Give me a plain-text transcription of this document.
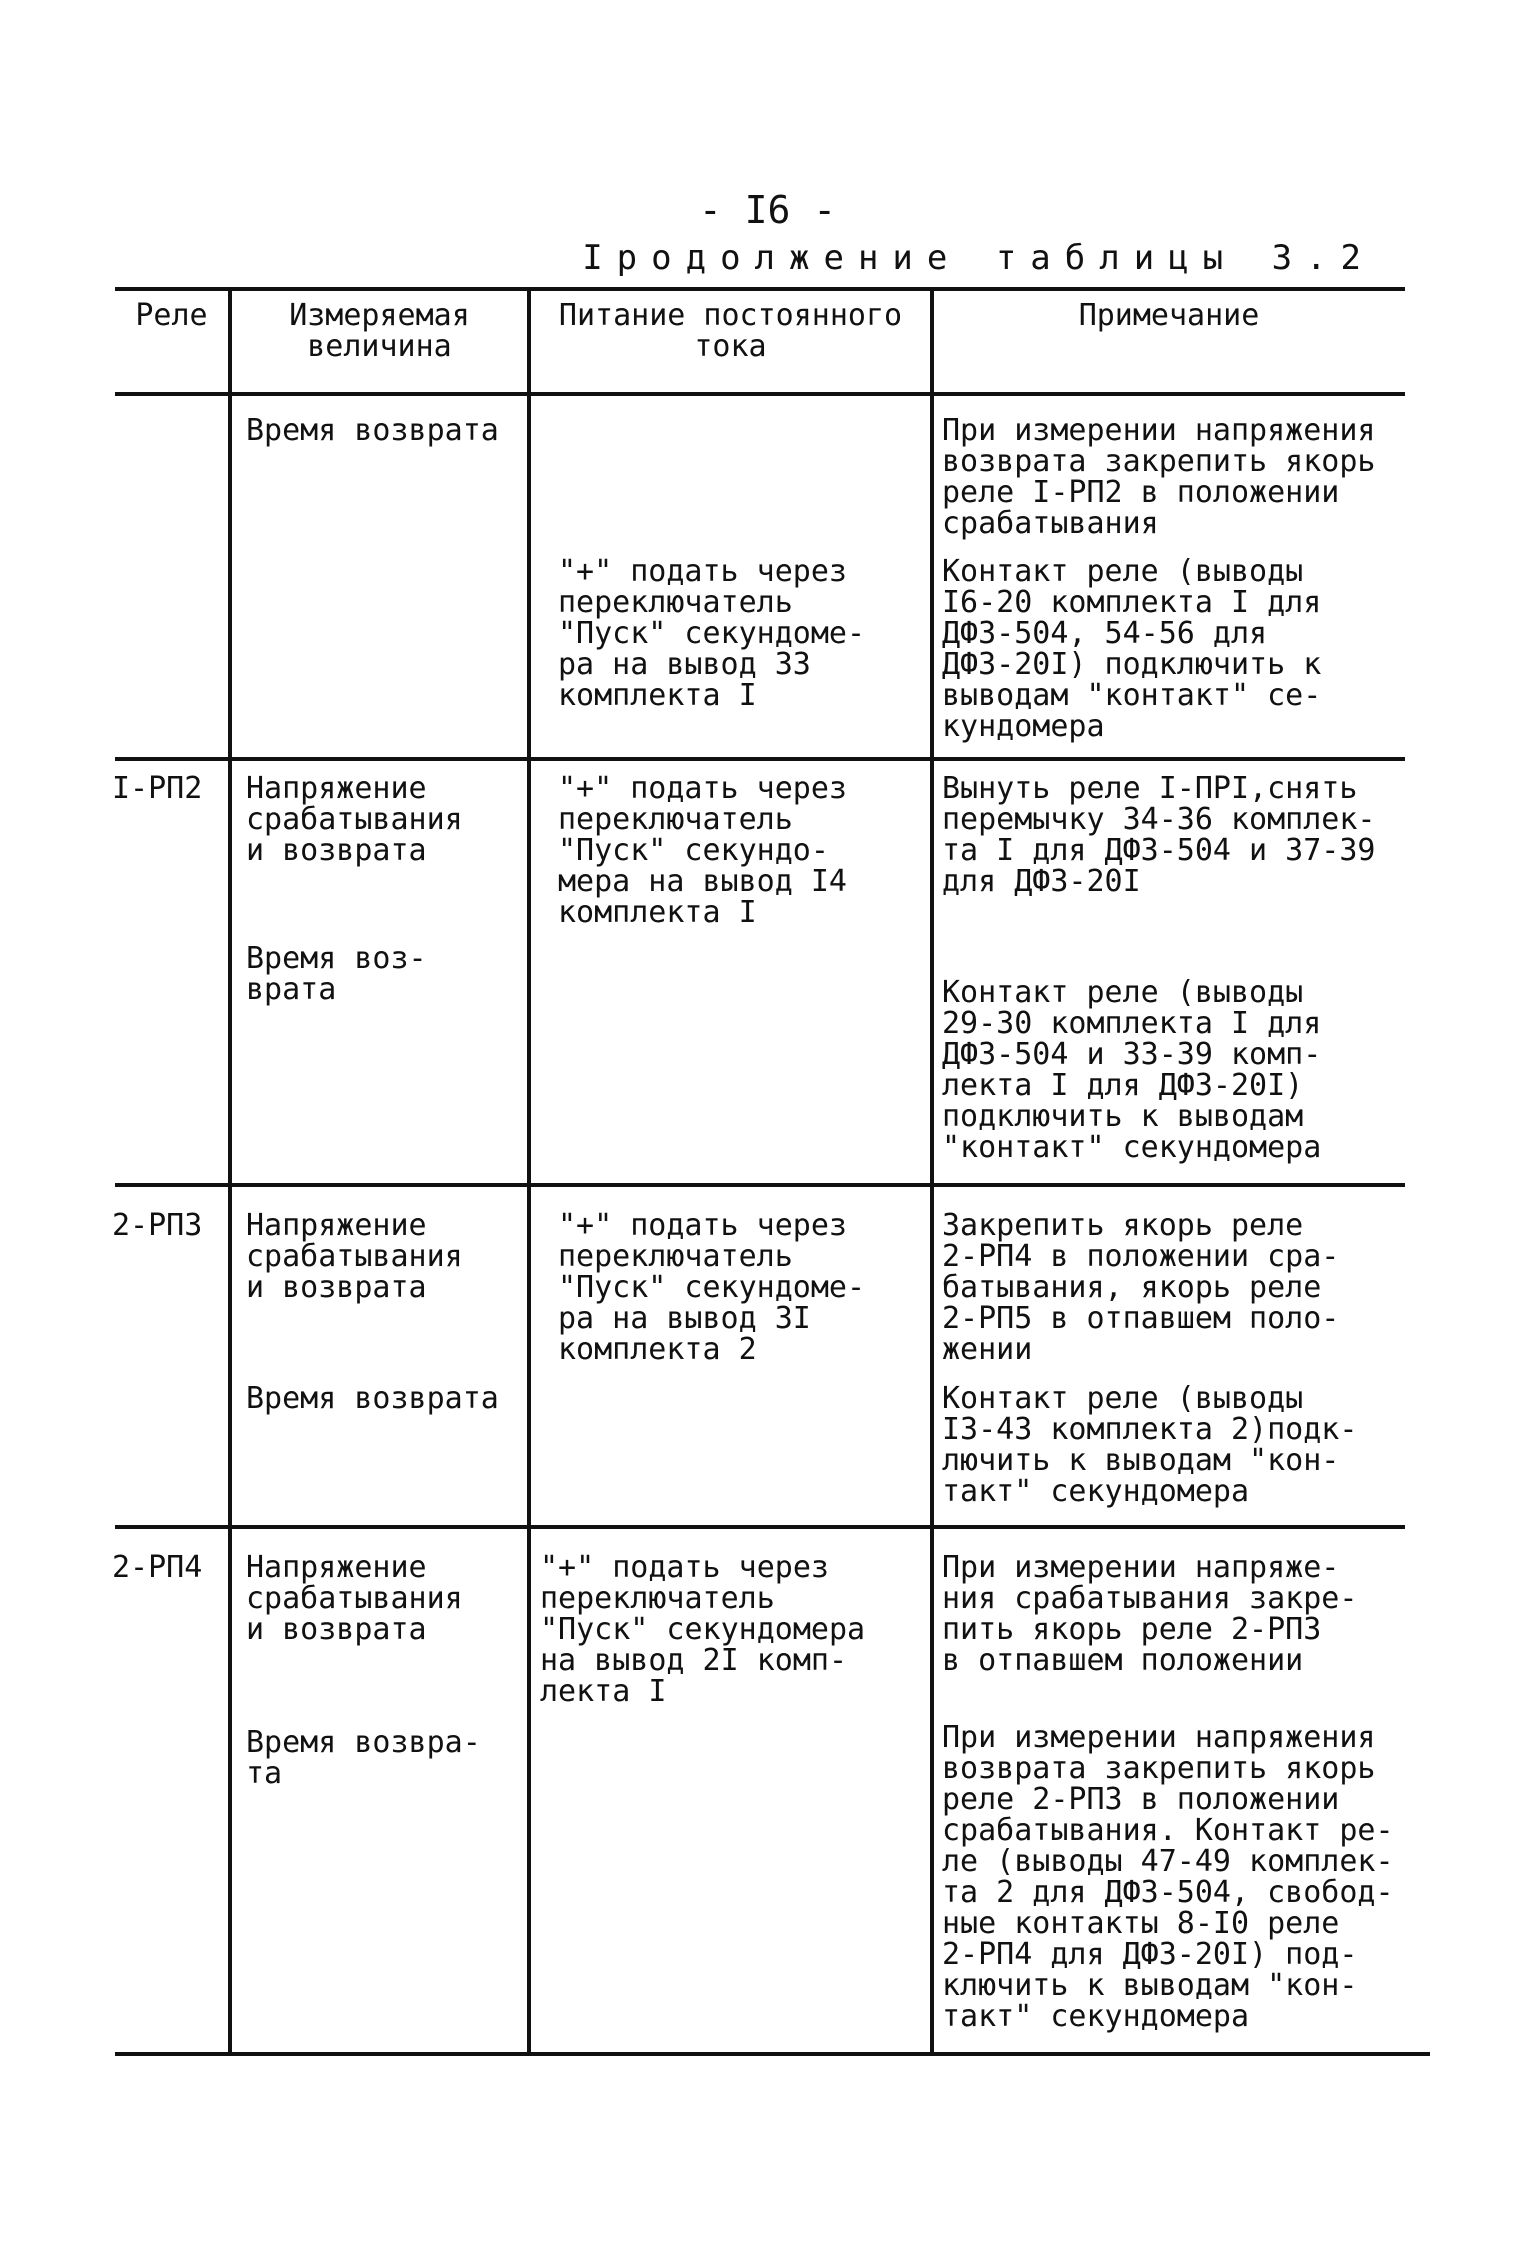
- I6 -
Iродолжение таблицы 3.2
Реле	Измеряемая
величина
Питание постоянного
тока
Примечание
Время возврата
"+" подать через
переключатель
"Пуск" секундоме-
ра на вывод 33
комплекта I
При измерении напряжения
возврата закрепить якорь
реле I-РП2 в положении
срабатывания
Контакт реле (выводы
I6-20 комплекта I для
ДФЗ-504, 54-56 для
ДФЗ-20I) подключить к
выводам "контакт" се-
кундомера
I-РП2 Напряжение
срабатывания
и возврата
Время воз-
врата
"+" подать через
переключатель
"Пуск" секундо-
мера на вывод I4
комплекта I
Вынуть реле I-ПРI,снять
перемычку 34-36 комплек-
та I для ДФЗ-504 и 37-39
для ДФЗ-20I
Контакт реле (выводы
29-30 комплекта I для
ДФЗ-504 и 33-39 комп-
лекта I для ДФЗ-20I)
подключить к выводам
"контакт" секундомера
2-РП3 Напряжение
срабатывания
и возврата
Время возврата
"+" подать через
переключатель
"Пуск" секундоме-
ра на вывод 3I
комплекта 2
Закрепить якорь реле
2-РП4 в положении сра-
батывания, якорь реле
2-РП5 в отпавшем поло-
жении
Контакт реле (выводы
I3-43 комплекта 2)подк-
лючить к выводам "кон-
такт" секундомера
2-РП4 Напряжение
срабатывания
и возврата
Время возвра-
та
"+" подать через
переключатель
"Пуск" секундомера
на вывод 2I комп-
лекта I
При измерении напряже-
ния срабатывания закре-
пить якорь реле 2-РП3
в отпавшем положении
При измерении напряжения
возврата закрепить якорь
реле 2-РП3 в положении
срабатывания. Контакт ре-
ле (выводы 47-49 комплек-
та 2 для ДФЗ-504, свобод-
ные контакты 8-I0 реле
2-РП4 для ДФЗ-20I) под-
ключить к выводам "кон-
такт" секундомера
